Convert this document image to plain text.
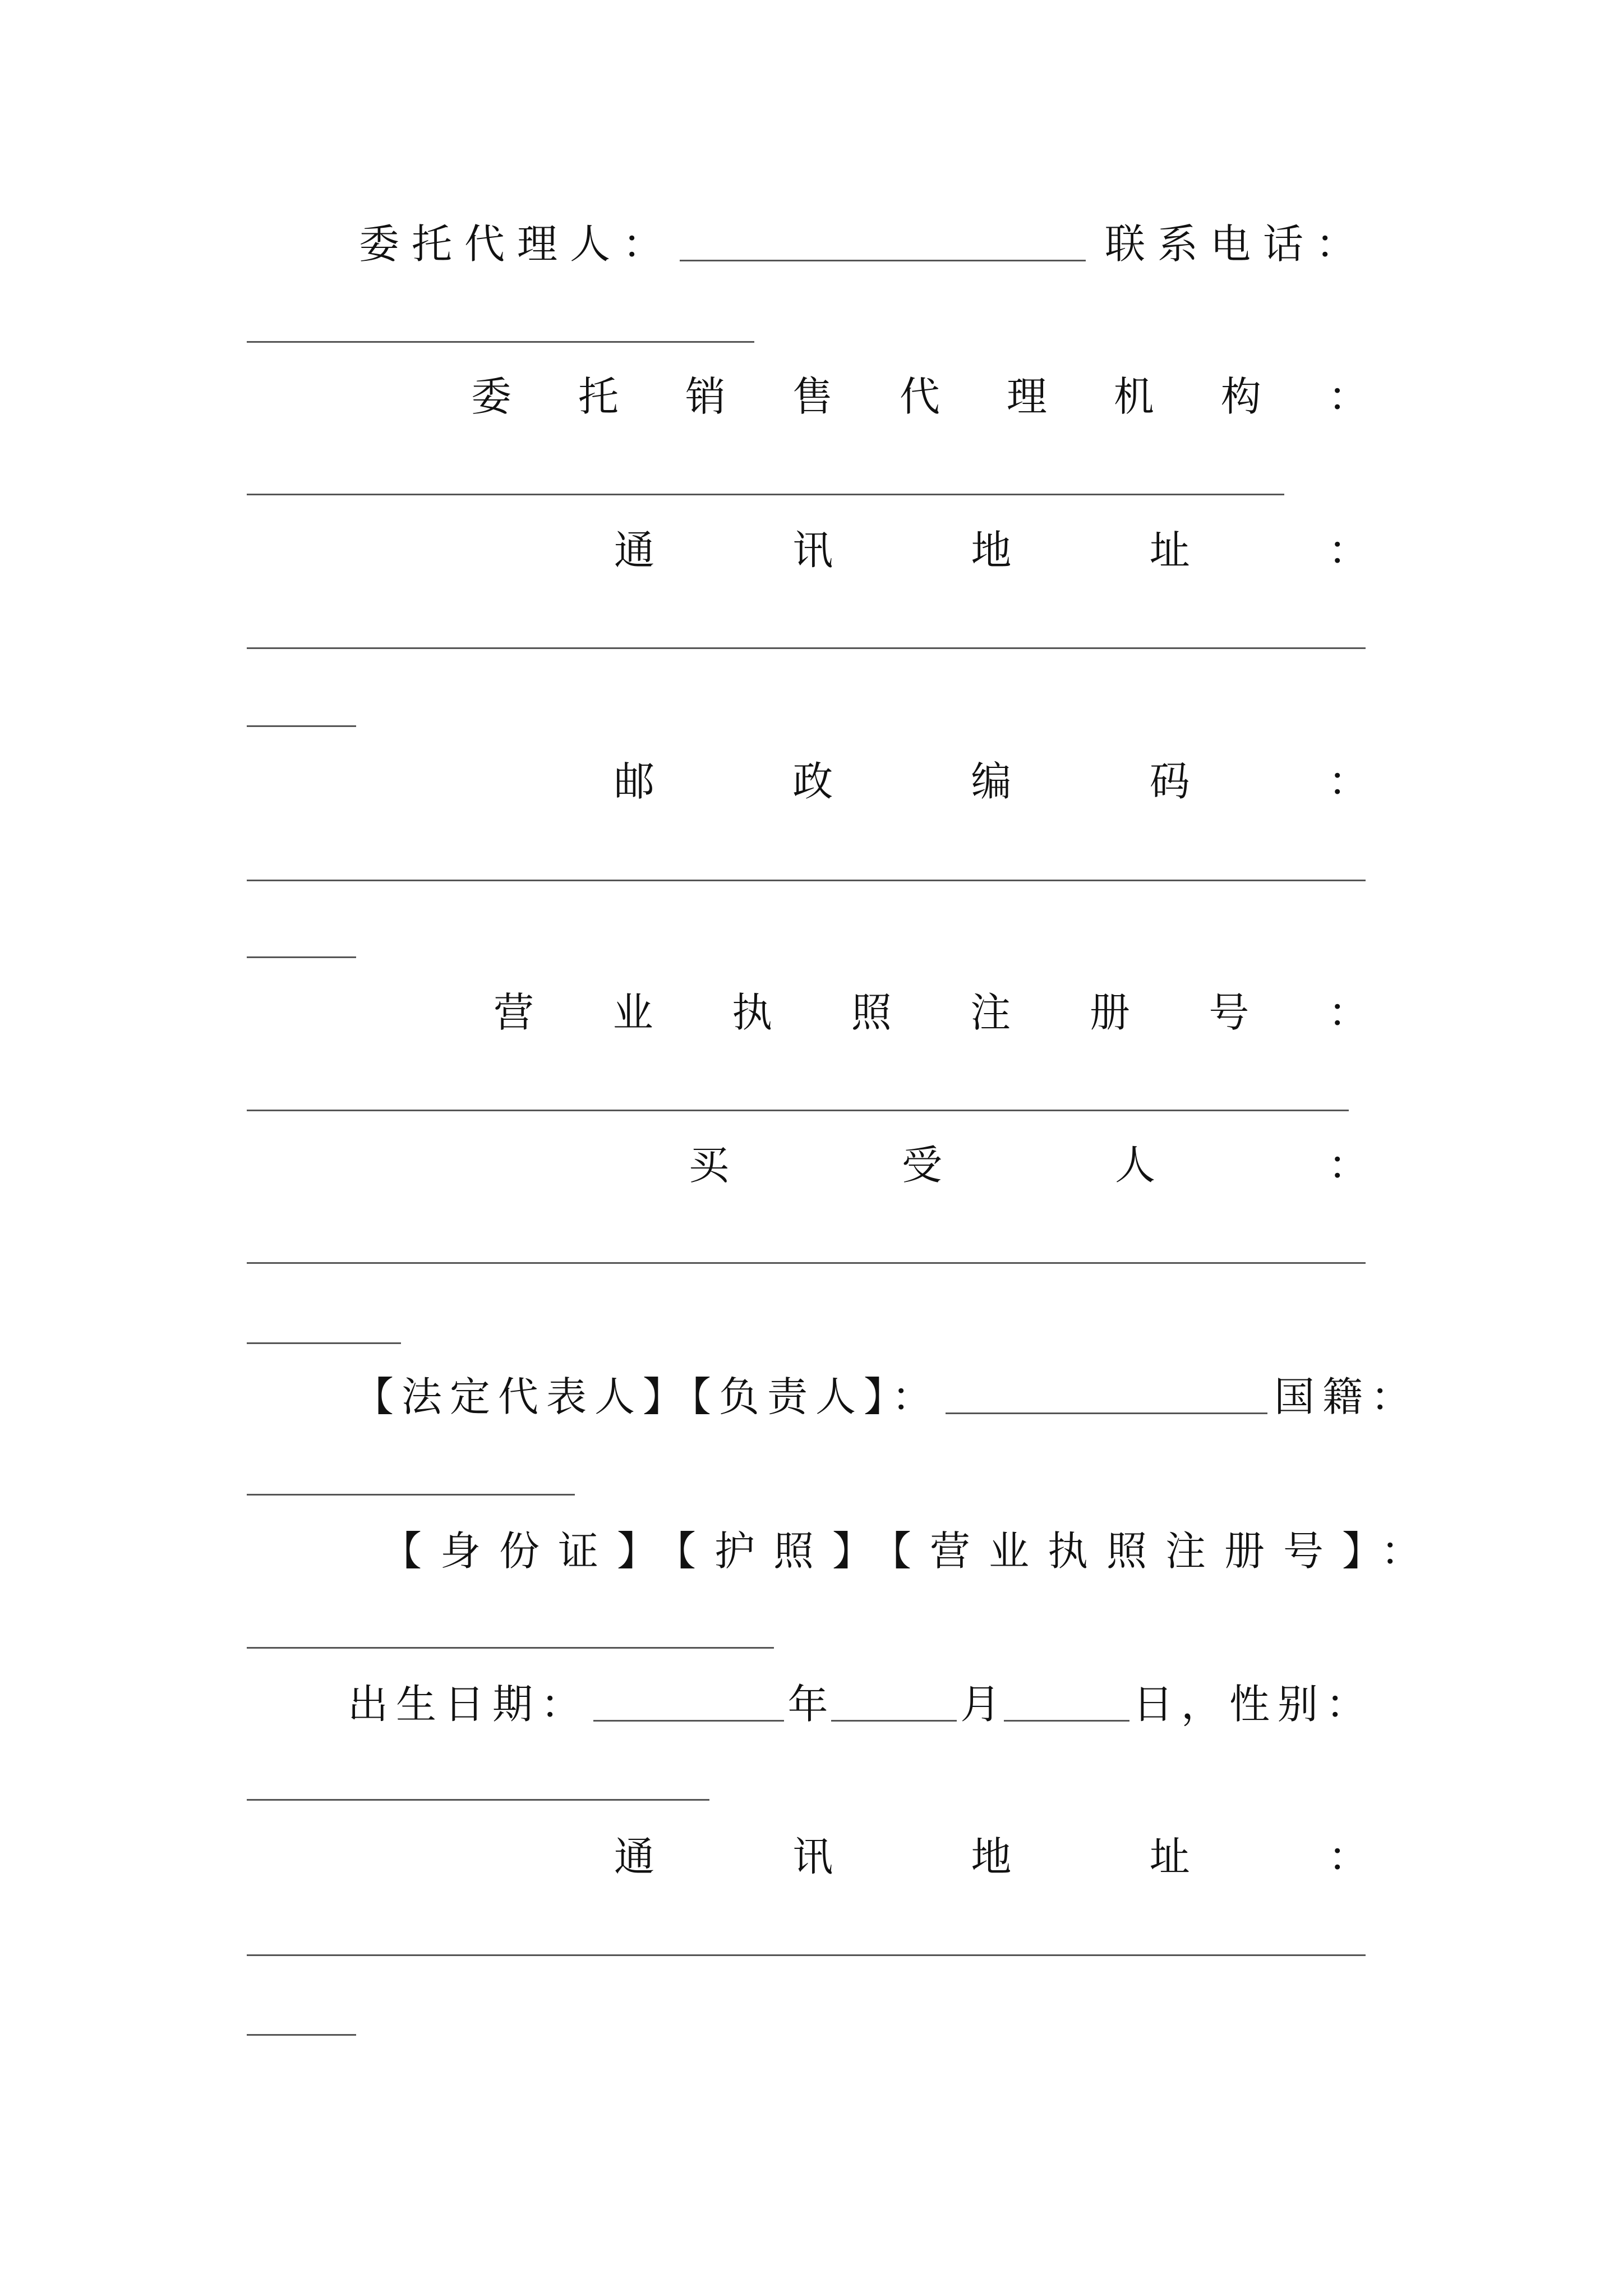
委托代理人：	联系电话：
委 托 销 售 代 理 机 构 ：
通	讯	地	址	：
邮	政	编	码	：
营 业 执 照 注 册 号 ：
买	受	人	：
【法定代表人】【负责人】：	国籍：
【身份证】【护照】【营业执照注册号】：
出生日期：	年	月	日， 性别：
通	讯	地	址	：
